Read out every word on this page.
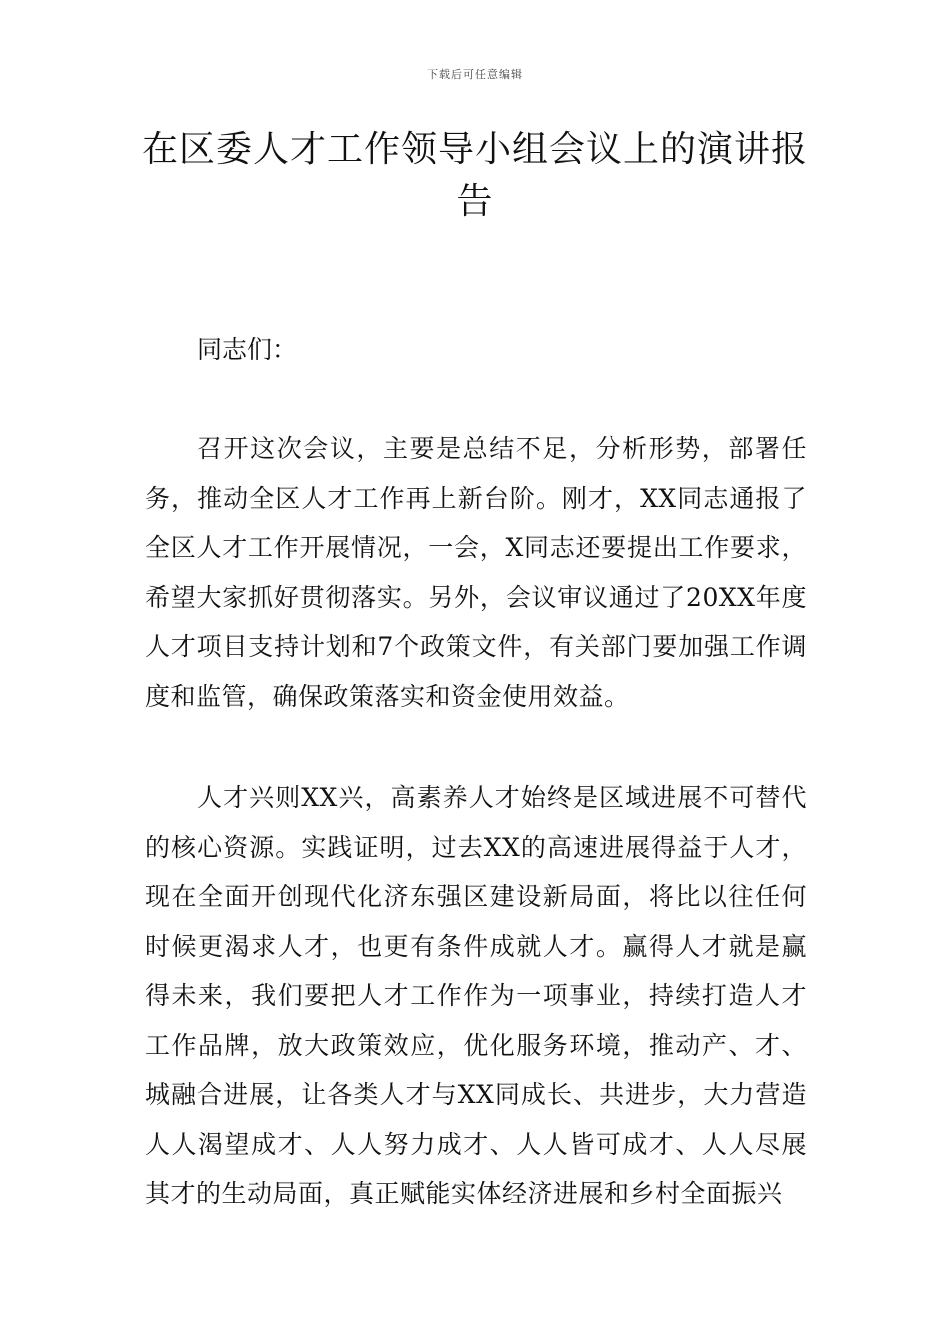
下载后可任意编辑
在区委人才工作领导小组会议上的演讲报告

同志们：

召开这次会议，主要是总结不足，分析形势，部署任务，推动全区人才工作再上新台阶。刚才，XX同志通报了全区人才工作开展情况，一会，X同志还要提出工作要求，希望大家抓好贯彻落实。另外，会议审议通过了20XX年度人才项目支持计划和7个政策文件，有关部门要加强工作调度和监管，确保政策落实和资金使用效益。

人才兴则XX兴，高素养人才始终是区域进展不可替代的核心资源。实践证明，过去XX的高速进展得益于人才，现在全面开创现代化济东强区建设新局面，将比以往任何时候更渴求人才，也更有条件成就人才。赢得人才就是赢得未来，我们要把人才工作作为一项事业，持续打造人才工作品牌，放大政策效应，优化服务环境，推动产、才、城融合进展，让各类人才与XX同成长、共进步，大力营造人人渴望成才、人人努力成才、人人皆可成才、人人尽展其才的生动局面，真正赋能实体经济进展和乡村全面振兴
